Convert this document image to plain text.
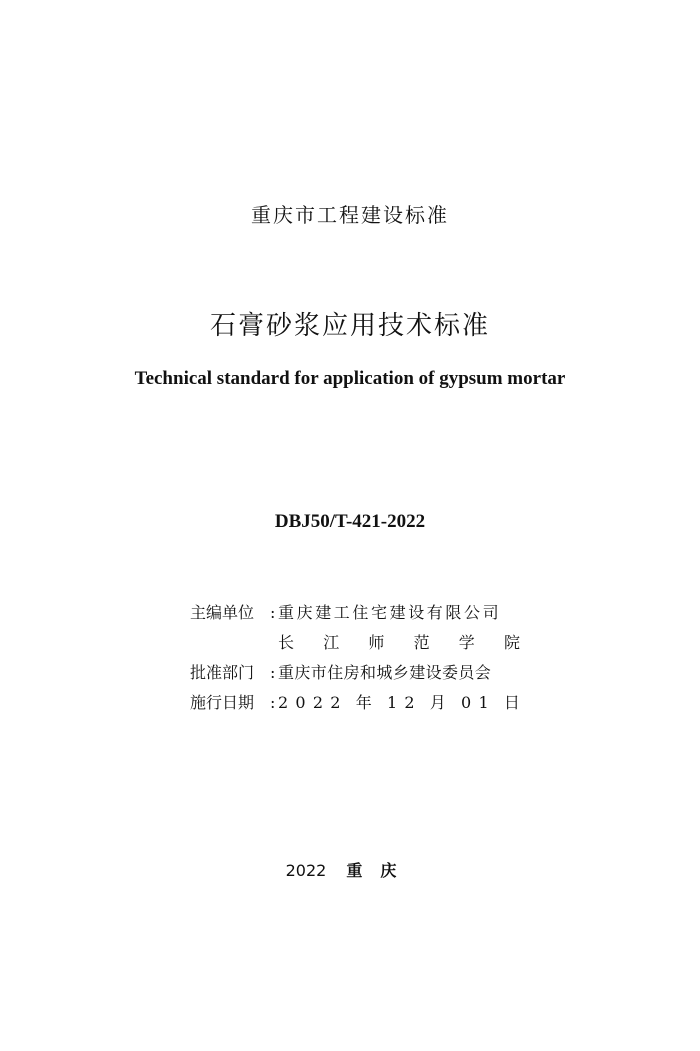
重庆市工程建设标准
石膏砂浆应用技术标准
Technical standard for application of gypsum mortar
DBJ50/T-421-2022
主编单位 : 重庆建工住宅建设有限公司
长 江 师 范 学 院
批准部门 : 重庆市住房和城乡建设委员会
施行日期 : 2 0 2 2 年 1 2 月 0 1 日
2022 重庆
